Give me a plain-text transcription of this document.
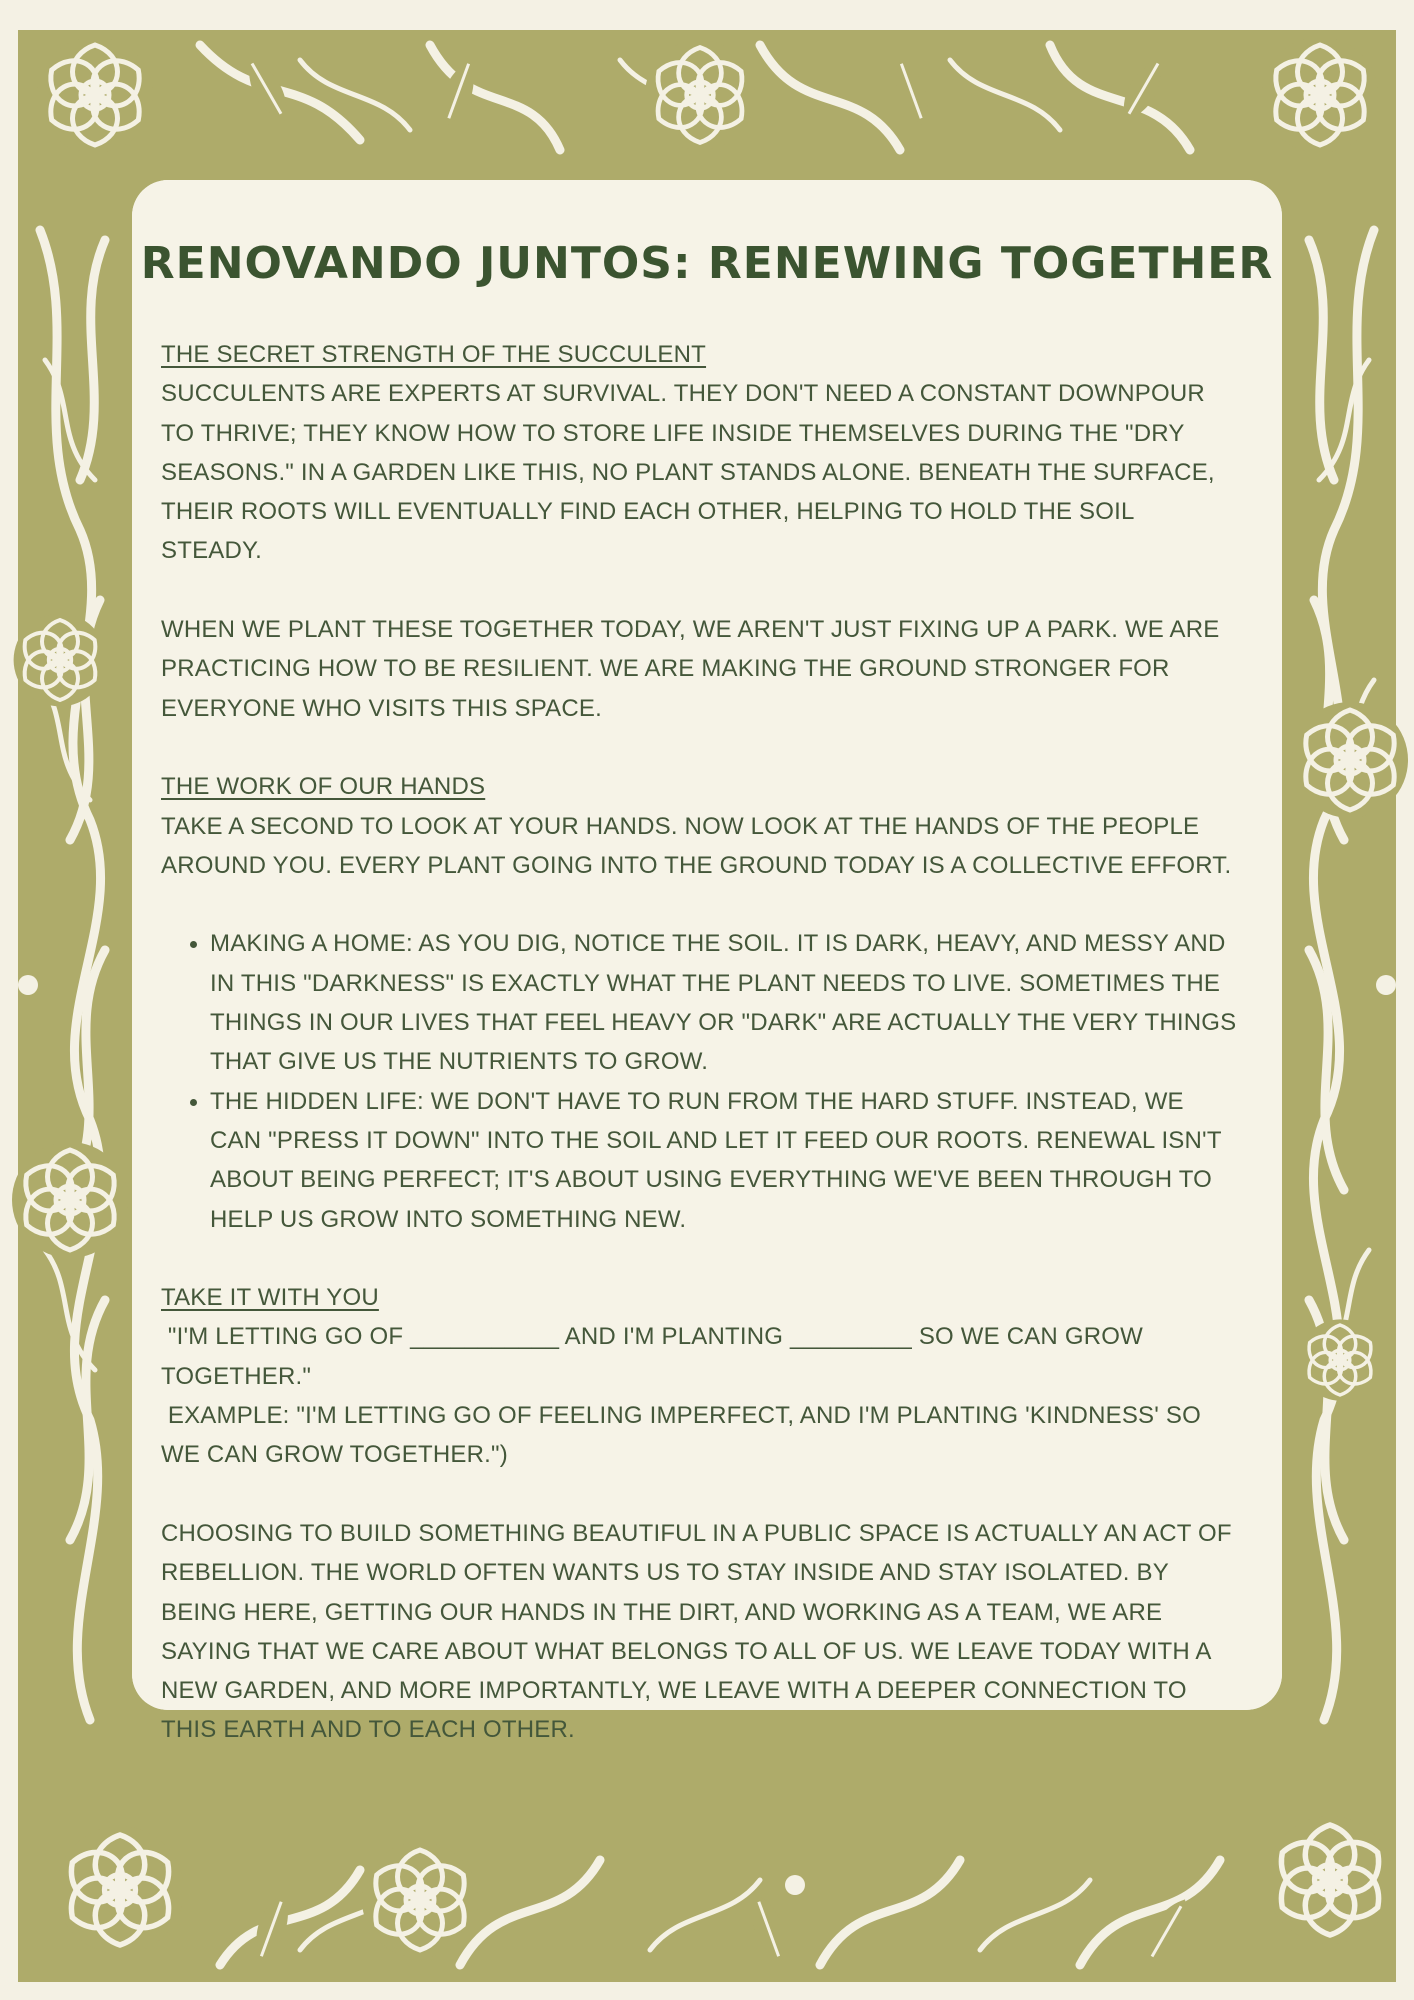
RENOVANDO JUNTOS: RENEWING TOGETHER

THE SECRET STRENGTH OF THE SUCCULENT

SUCCULENTS ARE EXPERTS AT SURVIVAL. THEY DON'T NEED A CONSTANT DOWNPOUR TO THRIVE; THEY KNOW HOW TO STORE LIFE INSIDE THEMSELVES DURING THE "DRY SEASONS." IN A GARDEN LIKE THIS, NO PLANT STANDS ALONE. BENEATH THE SURFACE, THEIR ROOTS WILL EVENTUALLY FIND EACH OTHER, HELPING TO HOLD THE SOIL STEADY.

WHEN WE PLANT THESE TOGETHER TODAY, WE AREN'T JUST FIXING UP A PARK. WE ARE PRACTICING HOW TO BE RESILIENT. WE ARE MAKING THE GROUND STRONGER FOR EVERYONE WHO VISITS THIS SPACE.

THE WORK OF OUR HANDS

TAKE A SECOND TO LOOK AT YOUR HANDS. NOW LOOK AT THE HANDS OF THE PEOPLE AROUND YOU. EVERY PLANT GOING INTO THE GROUND TODAY IS A COLLECTIVE EFFORT.

• MAKING A HOME: AS YOU DIG, NOTICE THE SOIL. IT IS DARK, HEAVY, AND MESSY AND IN THIS "DARKNESS" IS EXACTLY WHAT THE PLANT NEEDS TO LIVE. SOMETIMES THE THINGS IN OUR LIVES THAT FEEL HEAVY OR "DARK" ARE ACTUALLY THE VERY THINGS THAT GIVE US THE NUTRIENTS TO GROW.
• THE HIDDEN LIFE: WE DON'T HAVE TO RUN FROM THE HARD STUFF. INSTEAD, WE CAN "PRESS IT DOWN" INTO THE SOIL AND LET IT FEED OUR ROOTS. RENEWAL ISN'T ABOUT BEING PERFECT; IT'S ABOUT USING EVERYTHING WE'VE BEEN THROUGH TO HELP US GROW INTO SOMETHING NEW.

TAKE IT WITH YOU

"I'M LETTING GO OF ___________ AND I'M PLANTING _________ SO WE CAN GROW TOGETHER."

EXAMPLE: "I'M LETTING GO OF FEELING IMPERFECT, AND I'M PLANTING 'KINDNESS' SO WE CAN GROW TOGETHER.")

CHOOSING TO BUILD SOMETHING BEAUTIFUL IN A PUBLIC SPACE IS ACTUALLY AN ACT OF REBELLION. THE WORLD OFTEN WANTS US TO STAY INSIDE AND STAY ISOLATED. BY BEING HERE, GETTING OUR HANDS IN THE DIRT, AND WORKING AS A TEAM, WE ARE SAYING THAT WE CARE ABOUT WHAT BELONGS TO ALL OF US. WE LEAVE TODAY WITH A NEW GARDEN, AND MORE IMPORTANTLY, WE LEAVE WITH A DEEPER CONNECTION TO THIS EARTH AND TO EACH OTHER.
